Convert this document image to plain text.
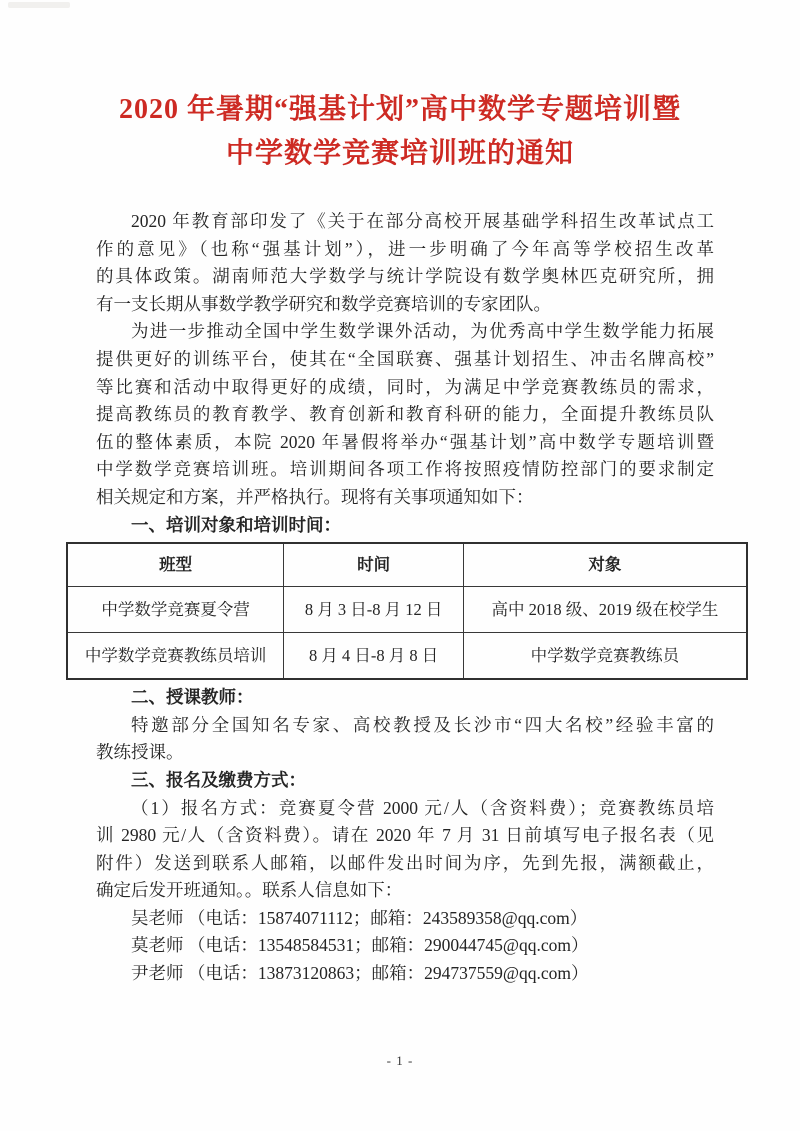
2020 年暑期“强基计划”高中数学专题培训暨
中学数学竞赛培训班的通知
2020 年教育部印发了《关于在部分高校开展基础学科招生改革试点工
作的意见》（也称“强基计划”），进一步明确了今年高等学校招生改革
的具体政策。湖南师范大学数学与统计学院设有数学奥林匹克研究所，拥
有一支长期从事数学教学研究和数学竞赛培训的专家团队。
为进一步推动全国中学生数学课外活动，为优秀高中学生数学能力拓展
提供更好的训练平台，使其在“全国联赛、强基计划招生、冲击名牌高校”
等比赛和活动中取得更好的成绩，同时，为满足中学竞赛教练员的需求，
提高教练员的教育教学、教育创新和教育科研的能力，全面提升教练员队
伍的整体素质，本院 2020 年暑假将举办“强基计划”高中数学专题培训暨
中学数学竞赛培训班。培训期间各项工作将按照疫情防控部门的要求制定
相关规定和方案，并严格执行。现将有关事项通知如下：
一、培训对象和培训时间：
班型	时间	对象
中学数学竞赛夏令营	8 月 3 日-8 月 12 日	高中 2018 级、2019 级在校学生
中学数学竞赛教练员培训	8 月 4 日-8 月 8 日	中学数学竞赛教练员
二、授课教师：
特邀部分全国知名专家、高校教授及长沙市“四大名校”经验丰富的
教练授课。
三、报名及缴费方式：
（1）报名方式：竞赛夏令营 2000 元/人（含资料费）；竞赛教练员培
训 2980 元/人（含资料费）。请在 2020 年 7 月 31 日前填写电子报名表（见
附件）发送到联系人邮箱，以邮件发出时间为序，先到先报，满额截止，
确定后发开班通知。。联系人信息如下：
吴老师 （电话：15874071112；邮箱：243589358@qq.com）
莫老师 （电话：13548584531；邮箱：290044745@qq.com）
尹老师 （电话：13873120863；邮箱：294737559@qq.com）
- 1 -
